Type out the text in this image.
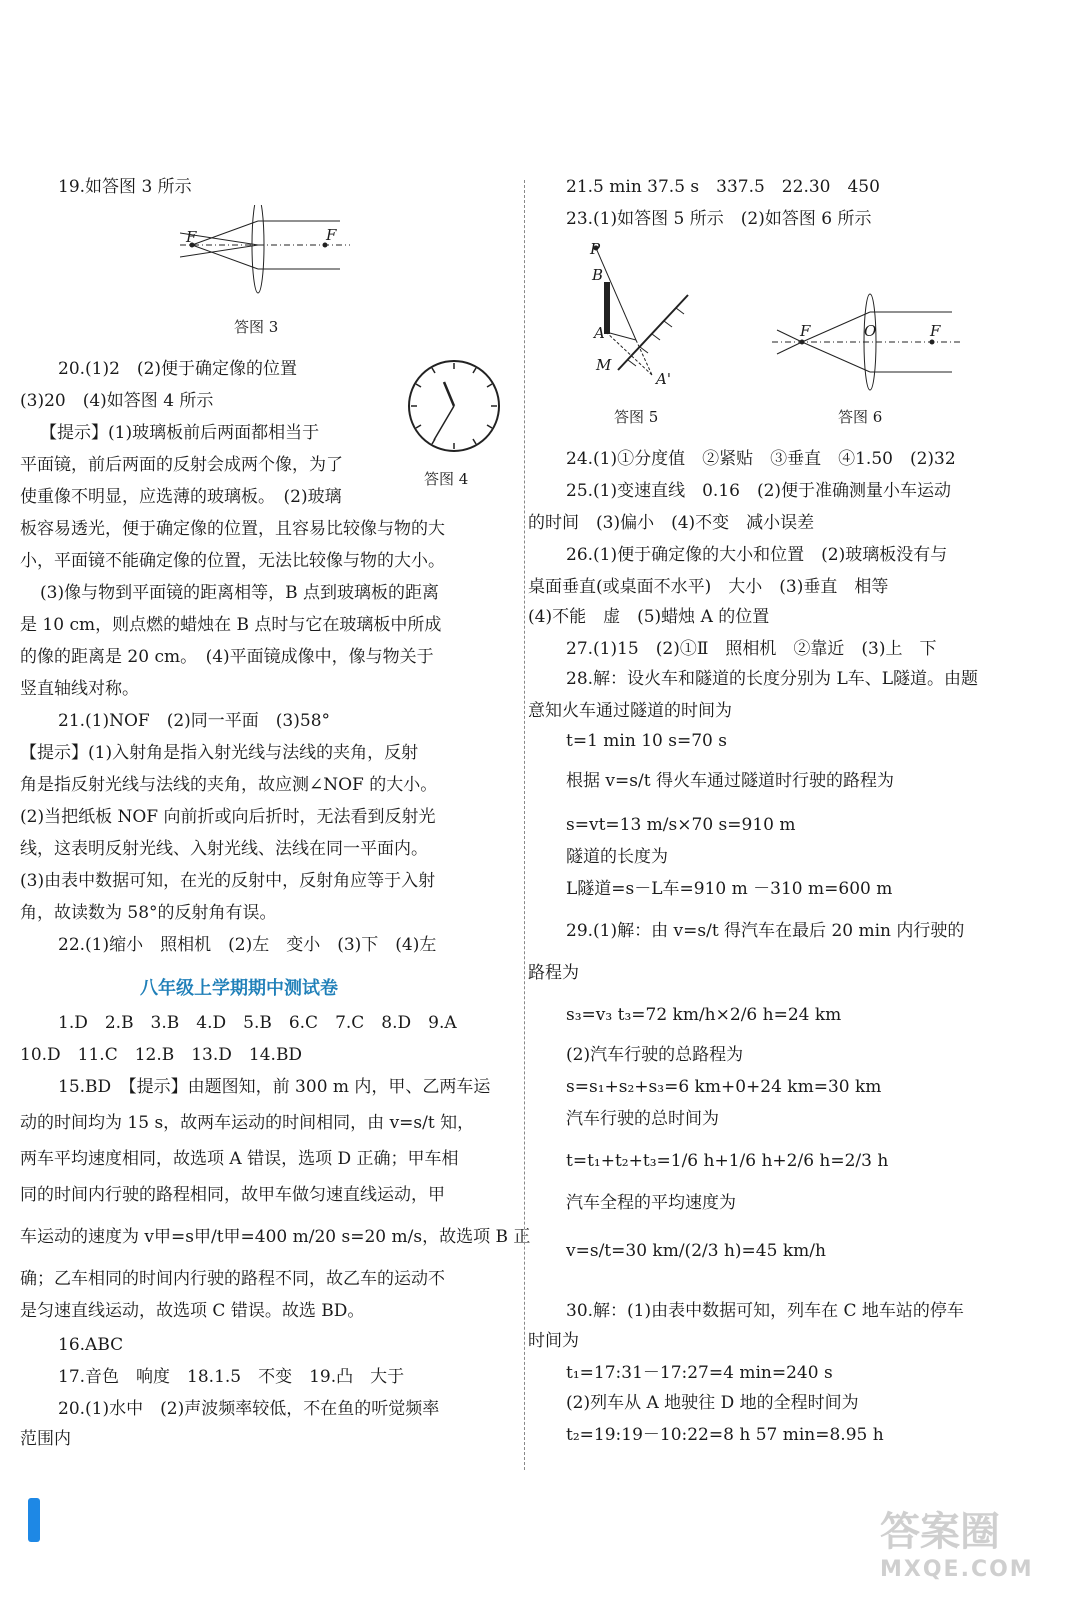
19.如答图 3 所示
F	F
答图 3
20.(1)2　(2)便于确定像的位置
(3)20　(4)如答图 4 所示
答图 4
【提示】(1)玻璃板前后两面都相当于
平面镜，前后两面的反射会成两个像，为了
使重像不明显，应选薄的玻璃板。　(2)玻璃
板容易透光，便于确定像的位置，且容易比较像与物的大
小，平面镜不能确定像的位置，无法比较像与物的大小。
(3)像与物到平面镜的距离相等，B 点到玻璃板的距离
是 10 cm，则点燃的蜡烛在 B 点时与它在玻璃板中所成
的像的距离是 20 cm。　(4)平面镜成像中，像与物关于
竖直轴线对称。
21.(1)NOF　(2)同一平面　(3)58°
【提示】(1)入射角是指入射光线与法线的夹角，反射
角是指反射光线与法线的夹角，故应测∠NOF 的大小。
(2)当把纸板 NOF 向前折或向后折时，无法看到反射光
线，这表明反射光线、入射光线、法线在同一平面内。
(3)由表中数据可知，在光的反射中，反射角应等于入射
角，故读数为 58°的反射角有误。
22.(1)缩小　照相机　(2)左　变小　(3)下　(4)左
八年级上学期期中测试卷
1.D　2.B　3.B　4.D　5.B　6.C　7.C　8.D　9.A
10.D　11.C　12.B　13.D　14.BD
15.BD　【提示】由题图知，前 300 m 内，甲、乙两车运
动的时间均为 15 s，故两车运动的时间相同，由 v=s/t 知，
两车平均速度相同，故选项 A 错误，选项 D 正确；甲车相
同的时间内行驶的路程相同，故甲车做匀速直线运动，甲
车运动的速度为 v甲=s甲/t甲=400 m/20 s=20 m/s，故选项 B 正
确；乙车相同的时间内行驶的路程不同，故乙车的运动不
是匀速直线运动，故选项 C 错误。故选 BD。
16.ABC
17.音色　响度　18.1.5　不变　19.凸　大于
20.(1)水中　(2)声波频率较低，不在鱼的听觉频率
范围内
21.5 min 37.5 s　337.5　22.30　450
23.(1)如答图 5 所示　(2)如答图 6 所示
P
B
A
M
A'
答图 5
F	O	F
答图 6
24.(1)①分度值　②紧贴　③垂直　④1.50　(2)32
25.(1)变速直线　0.16　(2)便于准确测量小车运动
的时间　(3)偏小　(4)不变　减小误差
26.(1)便于确定像的大小和位置　(2)玻璃板没有与
桌面垂直(或桌面不水平)　大小　(3)垂直　相等
(4)不能　虚　(5)蜡烛 A 的位置
27.(1)15　(2)①Ⅱ　照相机　②靠近　(3)上　下
28.解：设火车和隧道的长度分别为 L车、L隧道。由题
意知火车通过隧道的时间为
t=1 min 10 s=70 s
根据 v=s/t 得火车通过隧道时行驶的路程为
s=vt=13 m/s×70 s=910 m
隧道的长度为
L隧道=s－L车=910 m －310 m=600 m
29.(1)解：由 v=s/t 得汽车在最后 20 min 内行驶的
路程为
s₃=v₃ t₃=72 km/h×2/6 h=24 km
(2)汽车行驶的总路程为
s=s₁+s₂+s₃=6 km+0+24 km=30 km
汽车行驶的总时间为
t=t₁+t₂+t₃=1/6 h+1/6 h+2/6 h=2/3 h
汽车全程的平均速度为
v=s/t=30 km/(2/3 h)=45 km/h
30.解：(1)由表中数据可知，列车在 C 地车站的停车
时间为
t₁=17:31－17:27=4 min=240 s
(2)列车从 A 地驶往 D 地的全程时间为
t₂=19:19－10:22=8 h 57 min=8.95 h
答案圈
MXQE.COM
